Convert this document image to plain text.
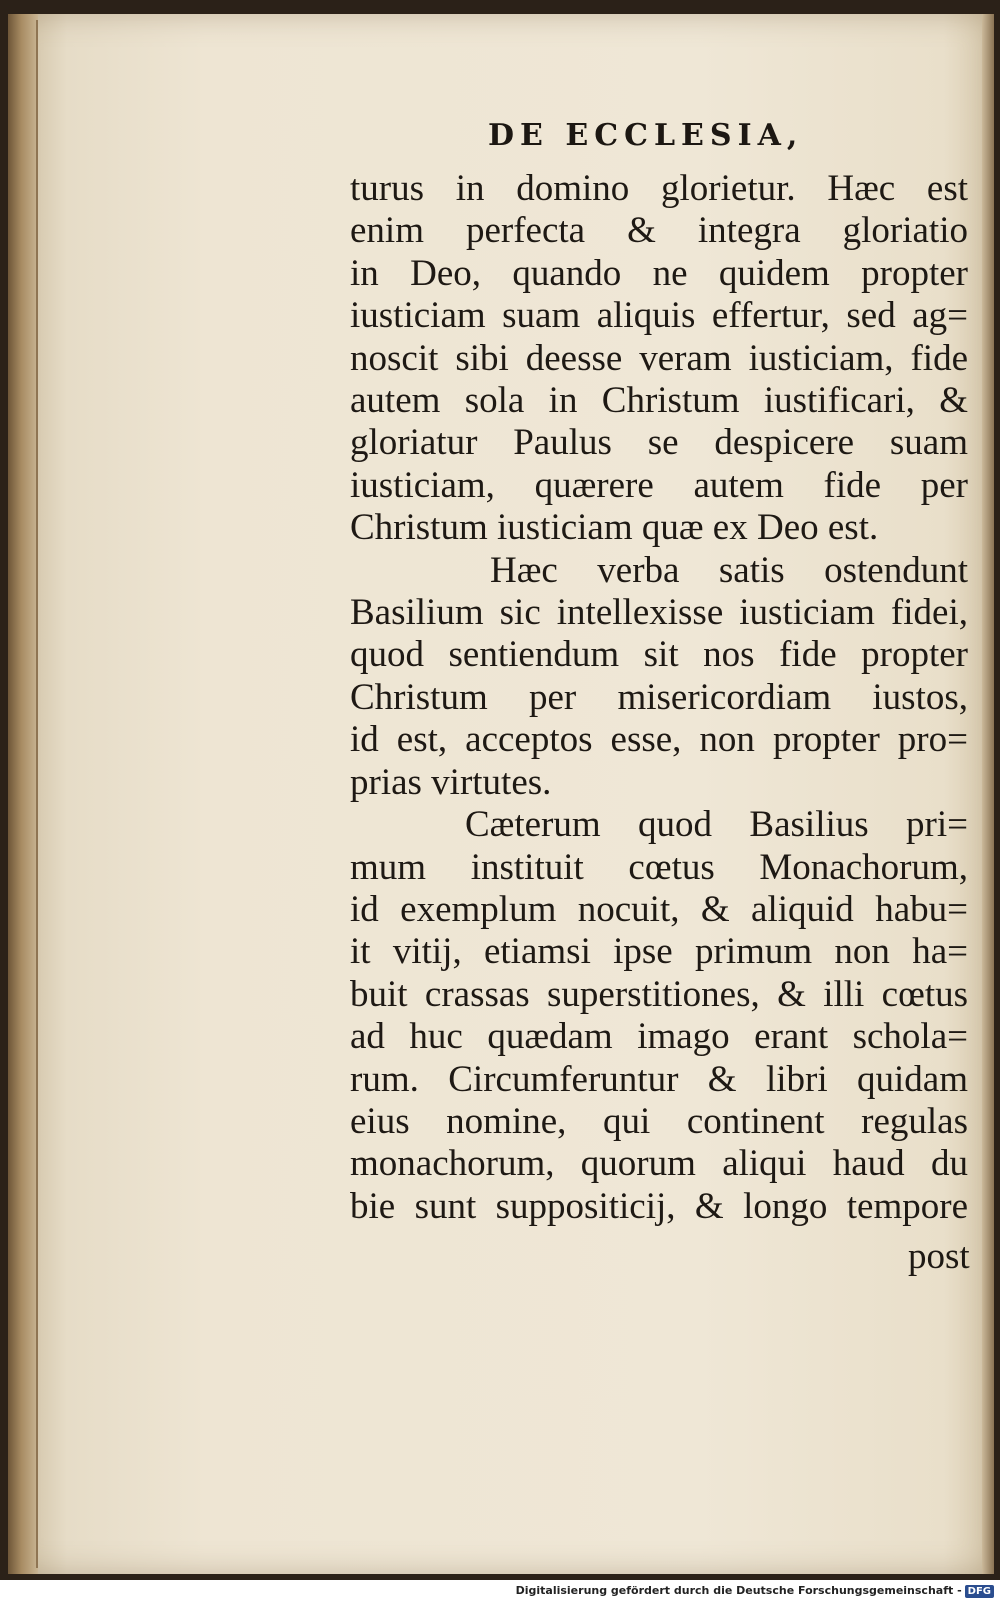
DE ECCLESIA,
turus in domino glorietur. Hæc est
enim perfecta & integra gloriatio
in Deo, quando ne quidem propter
iusticiam suam aliquis effertur, sed ag=
noscit sibi deesse veram iusticiam, fide
autem sola in Christum iustificari, &
gloriatur Paulus se despicere suam
iusticiam, quærere autem fide per
Christum iusticiam quæ ex Deo est.
Hæc verba satis ostendunt
Basilium sic intellexisse iusticiam fidei,
quod sentiendum sit nos fide propter
Christum per misericordiam iustos,
id est, acceptos esse, non propter pro=
prias virtutes.
Cæterum quod Basilius pri=
mum instituit cœtus Monachorum,
id exemplum nocuit, & aliquid habu=
it vitij, etiamsi ipse primum non ha=
buit crassas superstitiones, & illi cœtus
ad huc quædam imago erant schola=
rum. Circumferuntur & libri quidam
eius nomine, qui continent regulas
monachorum, quorum aliqui haud du
bie sunt suppositicij, & longo tempore
post
Digitalisierung gefördert durch die Deutsche Forschungsgemeinschaft - DFG
